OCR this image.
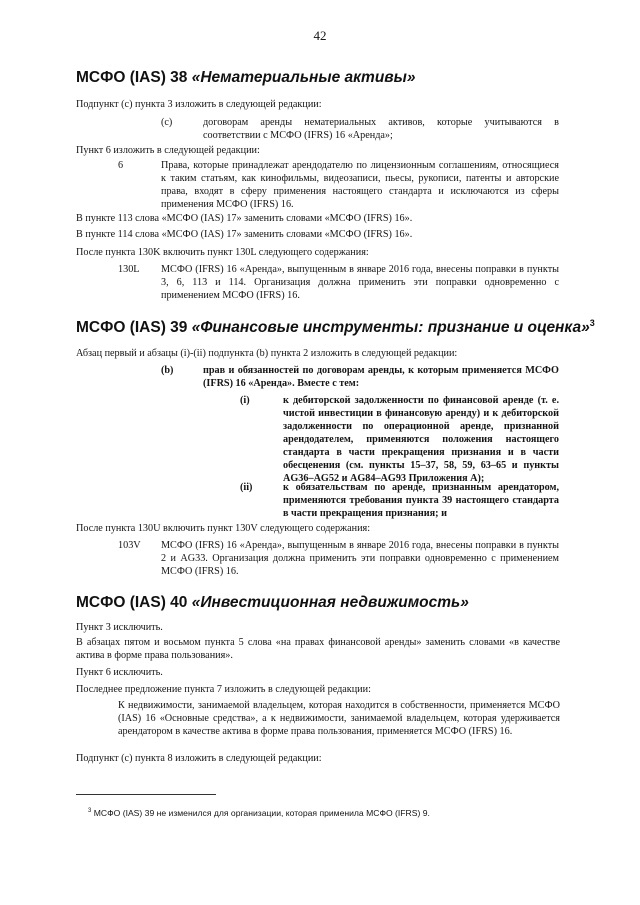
42
МСФО (IAS) 38 «Нематериальные активы»
Подпункт (c) пункта 3 изложить в следующей редакции:
(c)	договорам аренды нематериальных активов, которые учитываются в соответствии с МСФО (IFRS) 16 «Аренда»;
Пункт 6 изложить в следующей редакции:
6	Права, которые принадлежат арендодателю по лицензионным соглашениям, относящиеся к таким статьям, как кинофильмы, видеозаписи, пьесы, рукописи, патенты и авторские права, входят в сферу применения настоящего стандарта и исключаются из сферы применения МСФО (IFRS) 16.
В пункте 113 слова «МСФО (IAS) 17» заменить словами «МСФО (IFRS) 16».
В пункте 114 слова «МСФО (IAS) 17» заменить словами «МСФО (IFRS) 16».
После пункта 130K включить пункт 130L следующего содержания:
130L МСФО (IFRS) 16 «Аренда», выпущенным в январе 2016 года, внесены поправки в пункты 3, 6, 113 и 114. Организация должна применить эти поправки одновременно с применением МСФО (IFRS) 16.
МСФО (IAS) 39 «Финансовые инструменты: признание и оценка»$^3$
Абзац первый и абзацы (i)-(ii) подпункта (b) пункта 2 изложить в следующей редакции:
(b)	прав и обязанностей по договорам аренды, к которым применяется МСФО (IFRS) 16 «Аренда». Вместе с тем:
(i)	к дебиторской задолженности по финансовой аренде (т. е. чистой инвестиции в финансовую аренду) и к дебиторской задолженности по операционной аренде, признанной арендодателем, применяются положения настоящего стандарта в части прекращения признания и в части обесценения (см. пункты 15–37, 58, 59, 63–65 и пункты AG36–AG52 и AG84–AG93 Приложения A);
(ii)	к обязательствам по аренде, признанным арендатором, применяются требования пункта 39 настоящего стандарта в части прекращения признания; и
После пункта 130U включить пункт 130V следующего содержания:
103V МСФО (IFRS) 16 «Аренда», выпущенным в январе 2016 года, внесены поправки в пункты 2 и AG33. Организация должна применить эти поправки одновременно с применением МСФО (IFRS) 16.
МСФО (IAS) 40 «Инвестиционная недвижимость»
Пункт 3 исключить.
В абзацах пятом и восьмом пункта 5 слова «на правах финансовой аренды» заменить словами «в качестве актива в форме права пользования».
Пункт 6 исключить.
Последнее предложение пункта 7 изложить в следующей редакции:
К недвижимости, занимаемой владельцем, которая находится в собственности, применяется МСФО (IAS) 16 «Основные средства», а к недвижимости, занимаемой владельцем, которая удерживается арендатором в качестве актива в форме права пользования, применяется МСФО (IFRS) 16.
Подпункт (c) пункта 8 изложить в следующей редакции:
$^3$ МСФО (IAS) 39 не изменился для организации, которая применила МСФО (IFRS) 9.
